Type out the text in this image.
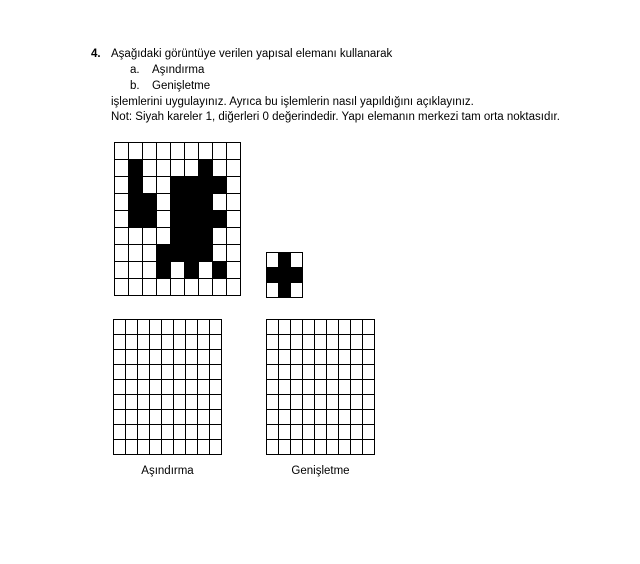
4. Aşağıdaki görüntüye verilen yapısal elemanı kullanarak
a. Aşındırma
b. Genişletme
işlemlerini uygulayınız. Ayrıca bu işlemlerin nasıl yapıldığını açıklayınız.
Not: Siyah kareler 1, diğerleri 0 değerindedir. Yapı elemanın merkezi tam orta noktasıdır.
Aşındırma	Genişletme
